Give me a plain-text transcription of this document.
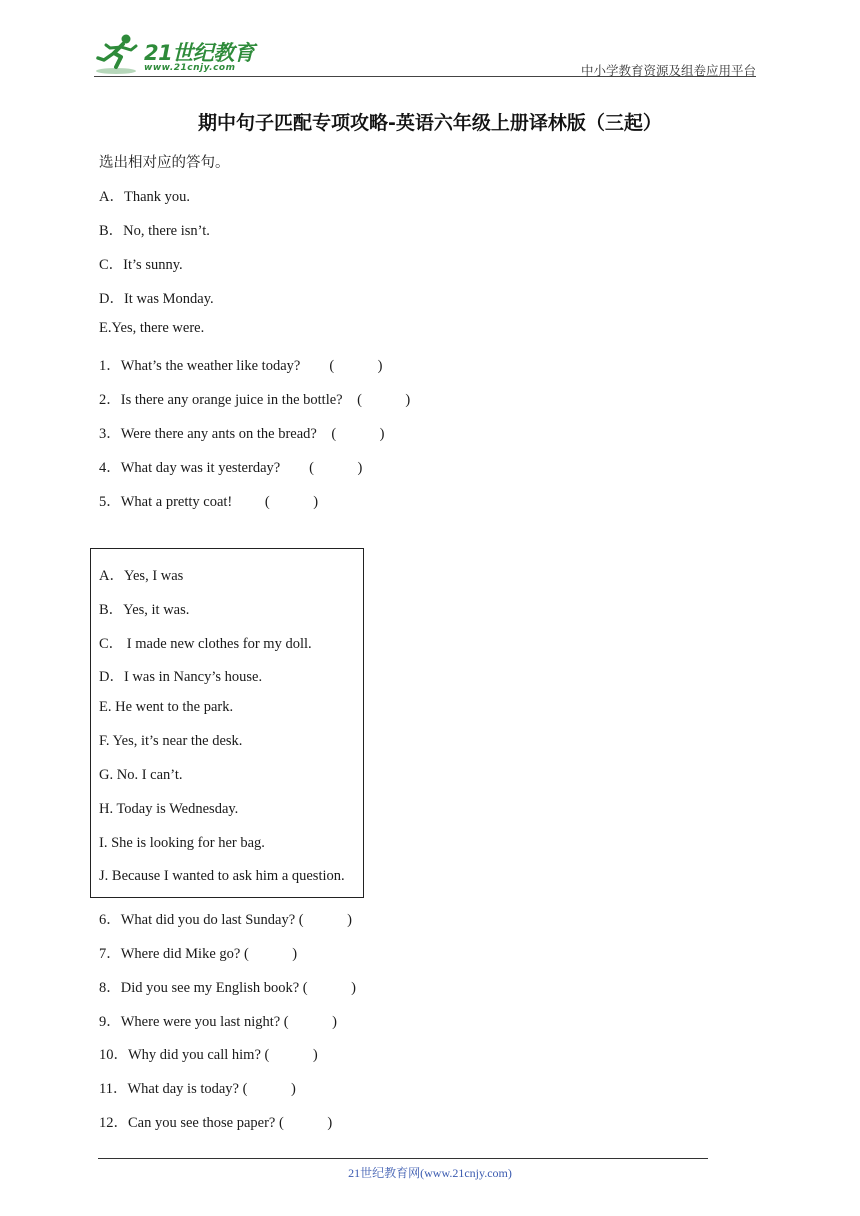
21世纪教育
www.21cnjy.com	中小学教育资源及组卷应用平台
期中句子匹配专项攻略-英语六年级上册译林版（三起）
选出相对应的答句。
A．Thank you.
B．No, there isn’t.
C．It’s sunny.
D．It was Monday.
E.Yes, there were.
1．What’s the weather like today?　　(　　　)
2．Is there any orange juice in the bottle?　(　　　)
3．Were there any ants on the bread?　(　　　)
4．What day was it yesterday?　　(　　　)
5．What a pretty coat!　　 (　　　)
A．Yes, I was
B．Yes, it was.
C． I made new clothes for my doll.
D．I was in Nancy’s house.
E. He went to the park.
F. Yes, it’s near the desk.
G. No. I can’t.
H. Today is Wednesday.
I. She is looking for her bag.
J. Because I wanted to ask him a question.
6．What did you do last Sunday? (　　　)
7．Where did Mike go? (　　　)
8．Did you see my English book? (　　　)
9．Where were you last night? (　　　)
10．Why did you call him? (　　　)
11．What day is today? (　　　)
12．Can you see those paper? (　　　)
21世纪教育网(www.21cnjy.com)
